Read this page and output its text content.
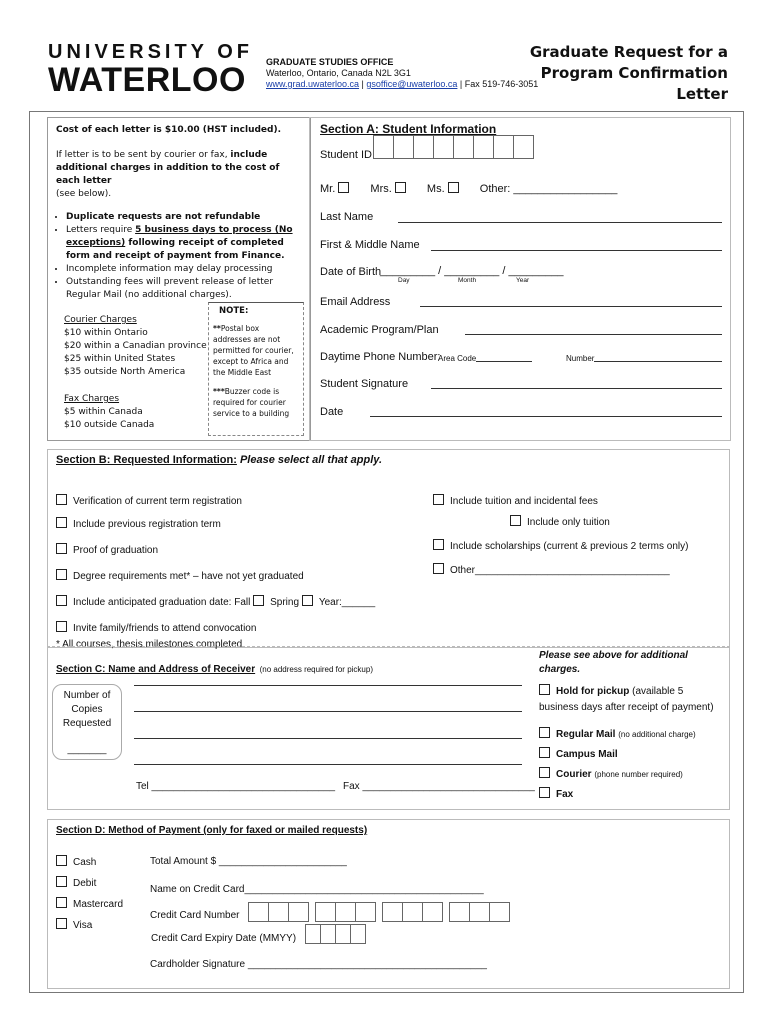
UNIVERSITY OF
WATERLOO	GRADUATE STUDIES OFFICE
Waterloo, Ontario, Canada N2L 3G1
www.grad.uwaterloo.ca | gsoffice@uwaterloo.ca | Fax 519-746-3051
Graduate Request for a
Program Confirmation
Letter
Cost of each letter is $10.00 (HST included).
If letter is to be sent by courier or fax, include
additional charges in addition to the cost of each letter
(see below).
• Duplicate requests are not refundable
• Letters require 5 business days to process (No exceptions) following receipt of completed form and receipt of payment from Finance.
• Incomplete information may delay processing
• Outstanding fees will prevent release of letter
Regular Mail (no additional charges).
Courier Charges
$10 within Ontario
$20 within a Canadian province
$25 within United States
$35 outside North America
Fax Charges
$5 within Canada
$10 outside Canada
NOTE:
**Postal box addresses are not permitted for courier, except to Africa and the Middle East
***Buzzer code is required for courier service to a building
Section A: Student Information
Student ID
Mr.	Mrs.	Ms.	Other: _________________
Last Name
First & Middle Name
Date of Birth
_________ / _________ / _________
Day	Month	Year
Email Address
Academic Program/Plan
Daytime Phone Number:
Area Code	Number
Student Signature
Date
Section B: Requested Information: Please select all that apply.
Verification of current term registration
Include previous registration term
Proof of graduation
Degree requirements met* – have not yet graduated
Include anticipated graduation date: Fall Spring Year:______
Invite family/friends to attend convocation
* All courses, thesis milestones completed
Include tuition and incidental fees
Include only tuition
Include scholarships (current & previous 2 terms only)
Other___________________________________
Section C: Name and Address of Receiver (no address required for pickup)
Number of
Copies
Requested
_______
Tel _________________________________ Fax _______________________________
Please see above for additional
charges.
Hold for pickup (available 5
business days after receipt of payment)
Regular Mail (no additional charge)
Campus Mail
Courier (phone number required)
Fax
Section D: Method of Payment (only for faxed or mailed requests)
Cash
Debit
Mastercard
Visa
Total Amount $ _______________________
Name on Credit Card___________________________________________
Credit Card Number
Credit Card Expiry Date (MMYY)
Cardholder Signature ___________________________________________
